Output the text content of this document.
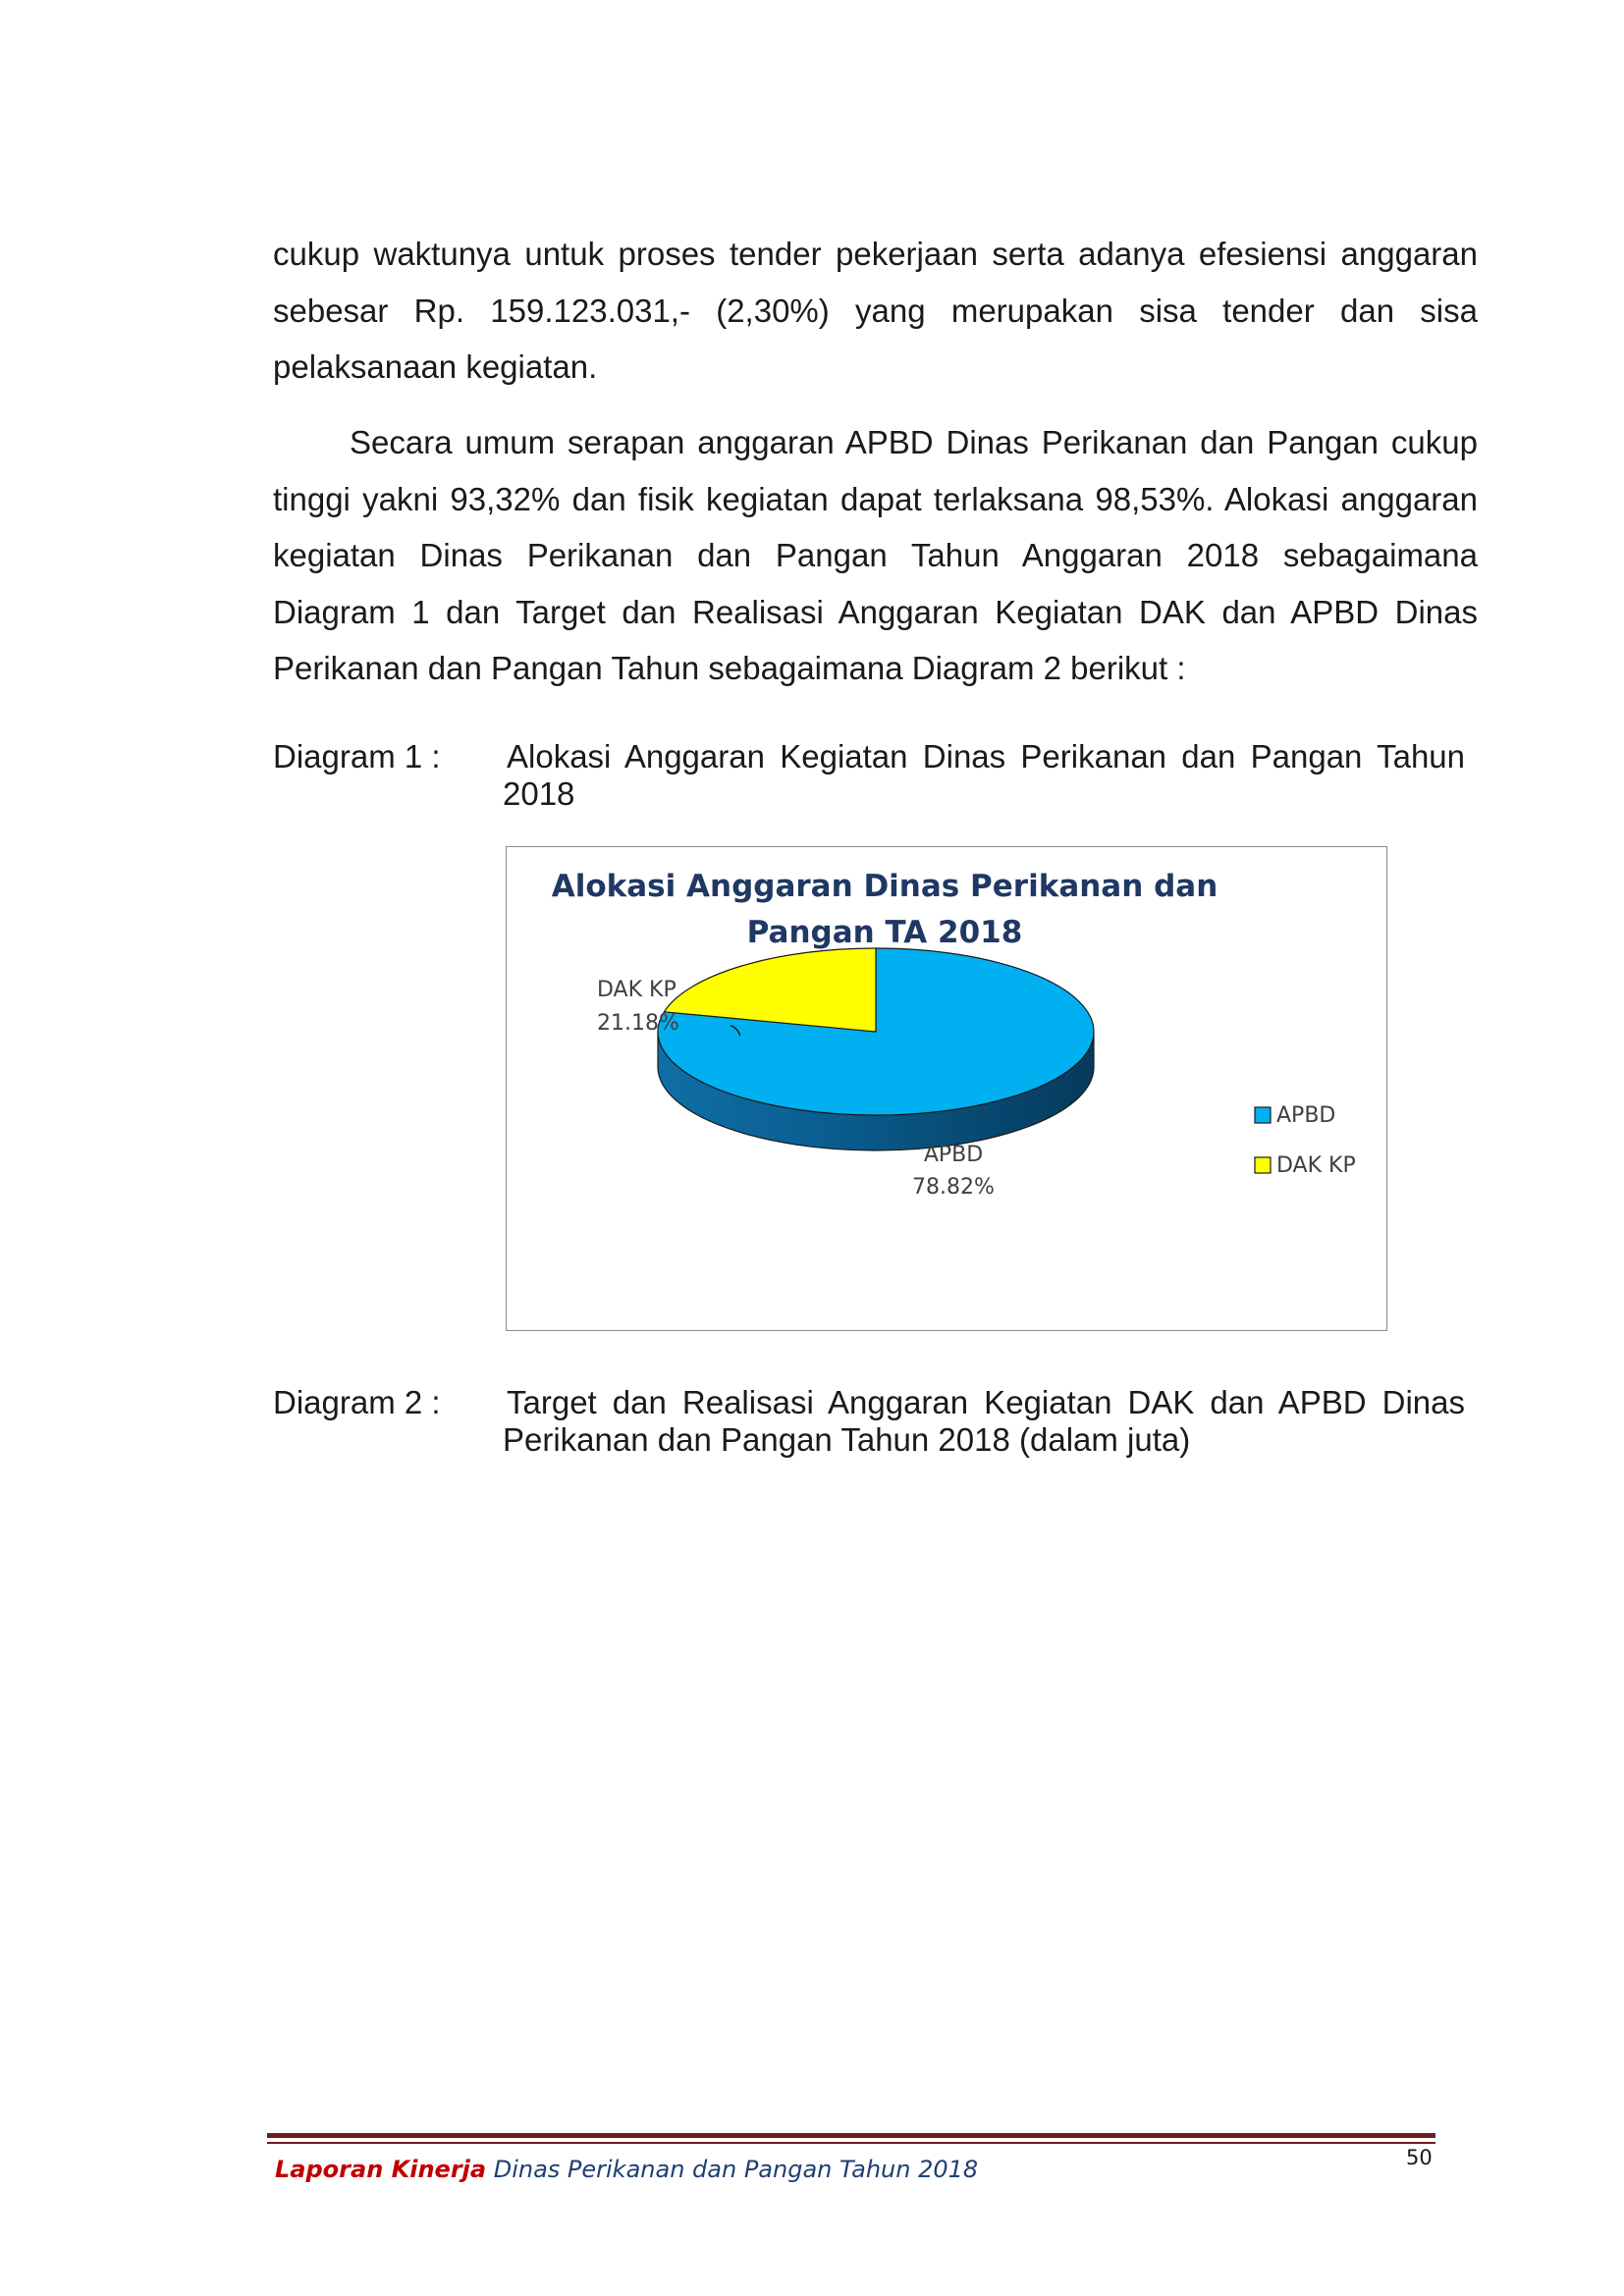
cukup waktunya untuk proses tender pekerjaan serta adanya efesiensi anggaran sebesar Rp. 159.123.031,- (2,30%) yang merupakan sisa tender dan sisa pelaksanaan kegiatan.

Secara umum serapan anggaran APBD Dinas Perikanan dan Pangan cukup tinggi yakni 93,32% dan fisik kegiatan dapat terlaksana 98,53%. Alokasi anggaran kegiatan Dinas Perikanan dan Pangan Tahun Anggaran 2018 sebagaimana Diagram 1 dan Target dan Realisasi Anggaran Kegiatan DAK dan APBD Dinas Perikanan dan Pangan Tahun sebagaimana Diagram 2 berikut :

Diagram 1 : Alokasi Anggaran Kegiatan Dinas Perikanan dan Pangan Tahun 2018
APBD
78.82%
DAK KP
21.18%
APBD
DAK KP
Alokasi Anggaran Dinas Perikanan dan
Pangan TA 2018
Diagram 2 : Target dan Realisasi Anggaran Kegiatan DAK dan APBD Dinas Perikanan dan Pangan Tahun 2018 (dalam juta)
Laporan Kinerja Dinas Perikanan dan Pangan Tahun 2018	50
